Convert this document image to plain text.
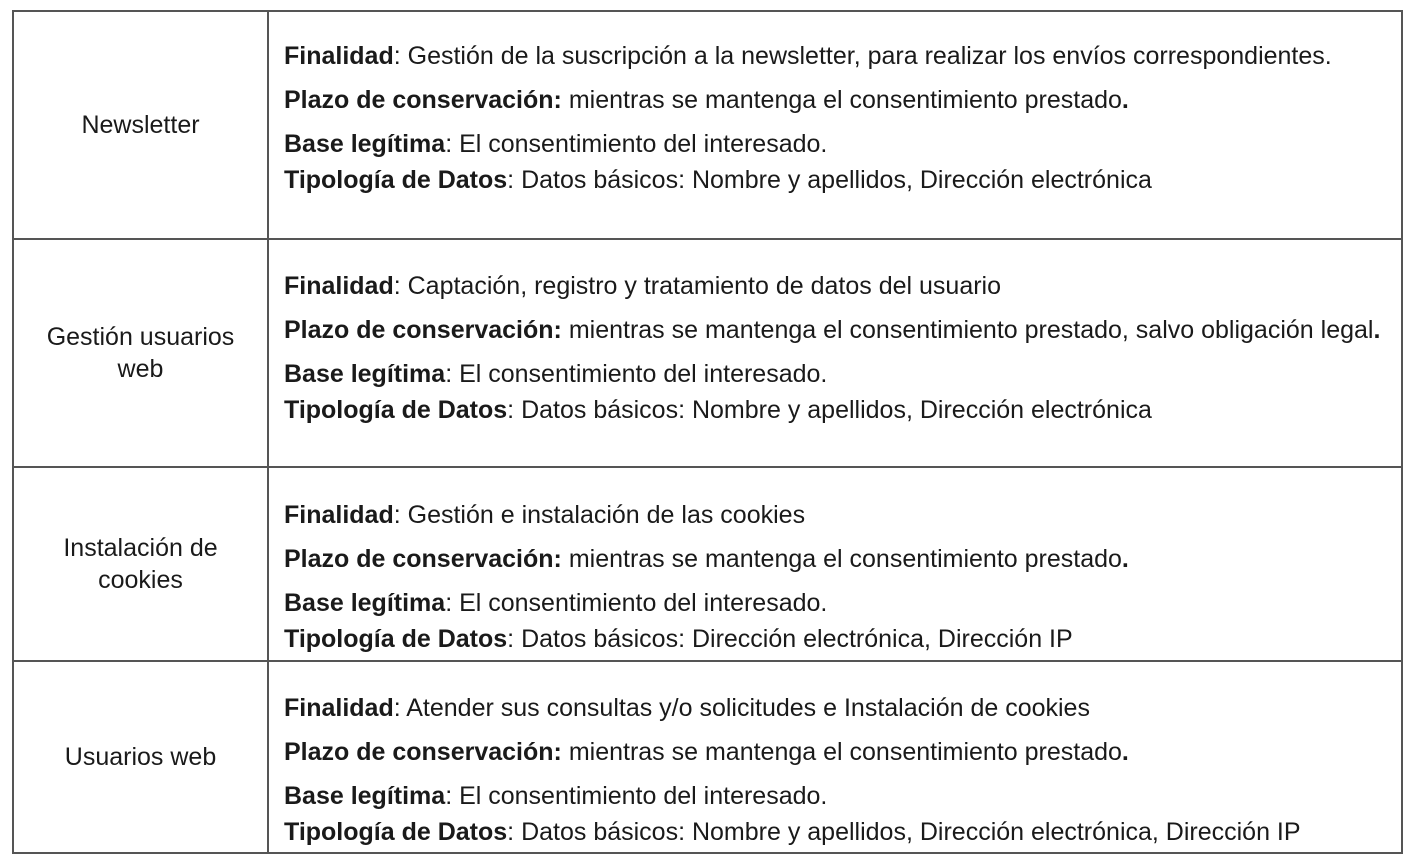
Newsletter
Finalidad: Gestión de la suscripción a la newsletter, para realizar los envíos correspondientes.
Plazo de conservación: mientras se mantenga el consentimiento prestado.
Base legítima: El consentimiento del interesado.
Tipología de Datos: Datos básicos: Nombre y apellidos, Dirección electrónica
Gestión usuarios
web
Finalidad: Captación, registro y tratamiento de datos del usuario
Plazo de conservación: mientras se mantenga el consentimiento prestado, salvo obligación legal.
Base legítima: El consentimiento del interesado.
Tipología de Datos: Datos básicos: Nombre y apellidos, Dirección electrónica
Instalación de
cookies
Finalidad: Gestión e instalación de las cookies
Plazo de conservación: mientras se mantenga el consentimiento prestado.
Base legítima: El consentimiento del interesado.
Tipología de Datos: Datos básicos: Dirección electrónica, Dirección IP
Usuarios web
Finalidad: Atender sus consultas y/o solicitudes e Instalación de cookies
Plazo de conservación: mientras se mantenga el consentimiento prestado.
Base legítima: El consentimiento del interesado.
Tipología de Datos: Datos básicos: Nombre y apellidos, Dirección electrónica, Dirección IP
